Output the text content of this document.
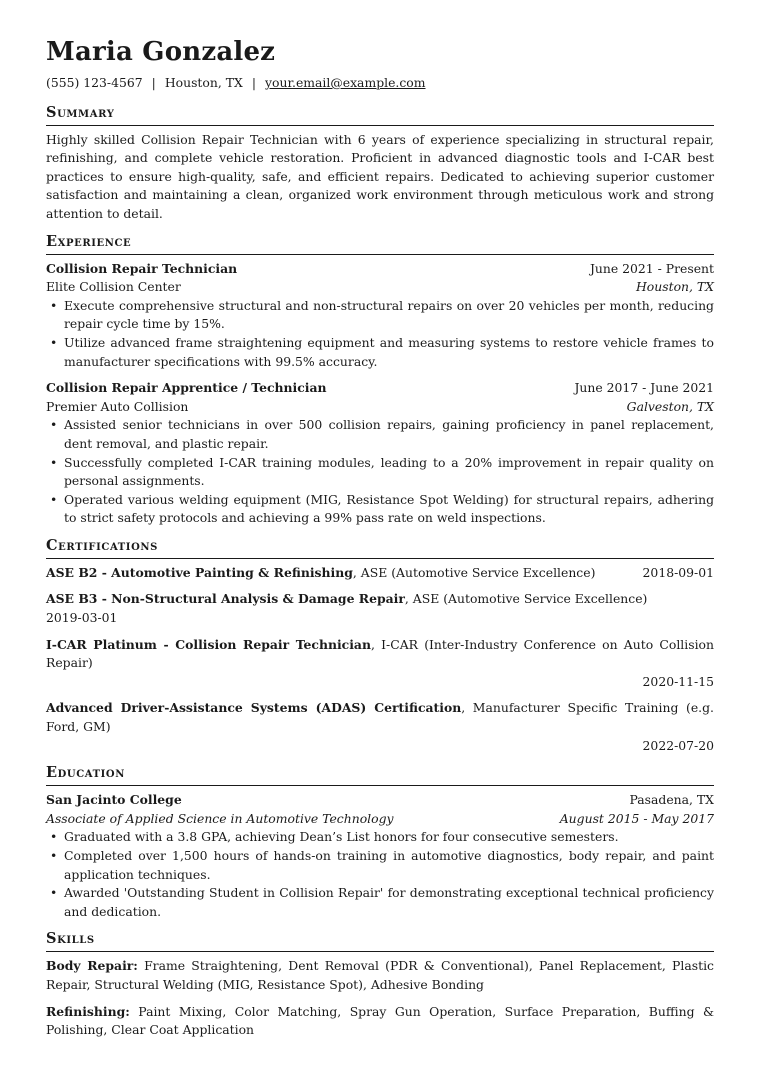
Maria Gonzalez
(555) 123-4567 | Houston, TX | your.email@example.com
Summary
Highly skilled Collision Repair Technician with 6 years of experience specializing in structural repair, refinishing, and complete vehicle restoration. Proficient in advanced diagnostic tools and I-CAR best practices to ensure high-quality, safe, and efficient repairs. Dedicated to achieving superior customer satisfaction and maintaining a clean, organized work environment through meticulous work and strong attention to detail.
Experience
Collision Repair Technician	June 2021 - Present
Elite Collision Center	Houston, TX
• Execute comprehensive structural and non-structural repairs on over 20 vehicles per month, reducing repair cycle time by 15%.
• Utilize advanced frame straightening equipment and measuring systems to restore vehicle frames to manufacturer specifications with 99.5% accuracy.
Collision Repair Apprentice / Technician	June 2017 - June 2021
Premier Auto Collision	Galveston, TX
• Assisted senior technicians in over 500 collision repairs, gaining proficiency in panel replacement, dent removal, and plastic repair.
• Successfully completed I-CAR training modules, leading to a 20% improvement in repair quality on personal assignments.
• Operated various welding equipment (MIG, Resistance Spot Welding) for structural repairs, adhering to strict safety protocols and achieving a 99% pass rate on weld inspections.
Certifications
ASE B2 - Automotive Painting & Refinishing, ASE (Automotive Service Excellence)	2018-09-01
ASE B3 - Non-Structural Analysis & Damage Repair, ASE (Automotive Service Excellence)
2019-03-01
I-CAR Platinum - Collision Repair Technician, I-CAR (Inter-Industry Conference on Auto Collision Repair)
2020-11-15
Advanced Driver-Assistance Systems (ADAS) Certification, Manufacturer Specific Training (e.g. Ford, GM)
2022-07-20
Education
San Jacinto College	Pasadena, TX
Associate of Applied Science in Automotive Technology	August 2015 - May 2017
• Graduated with a 3.8 GPA, achieving Dean’s List honors for four consecutive semesters.
• Completed over 1,500 hours of hands-on training in automotive diagnostics, body repair, and paint application techniques.
• Awarded 'Outstanding Student in Collision Repair' for demonstrating exceptional technical proficiency and dedication.
Skills
Body Repair: Frame Straightening, Dent Removal (PDR & Conventional), Panel Replacement, Plastic Repair, Structural Welding (MIG, Resistance Spot), Adhesive Bonding
Refinishing: Paint Mixing, Color Matching, Spray Gun Operation, Surface Preparation, Buffing & Polishing, Clear Coat Application
